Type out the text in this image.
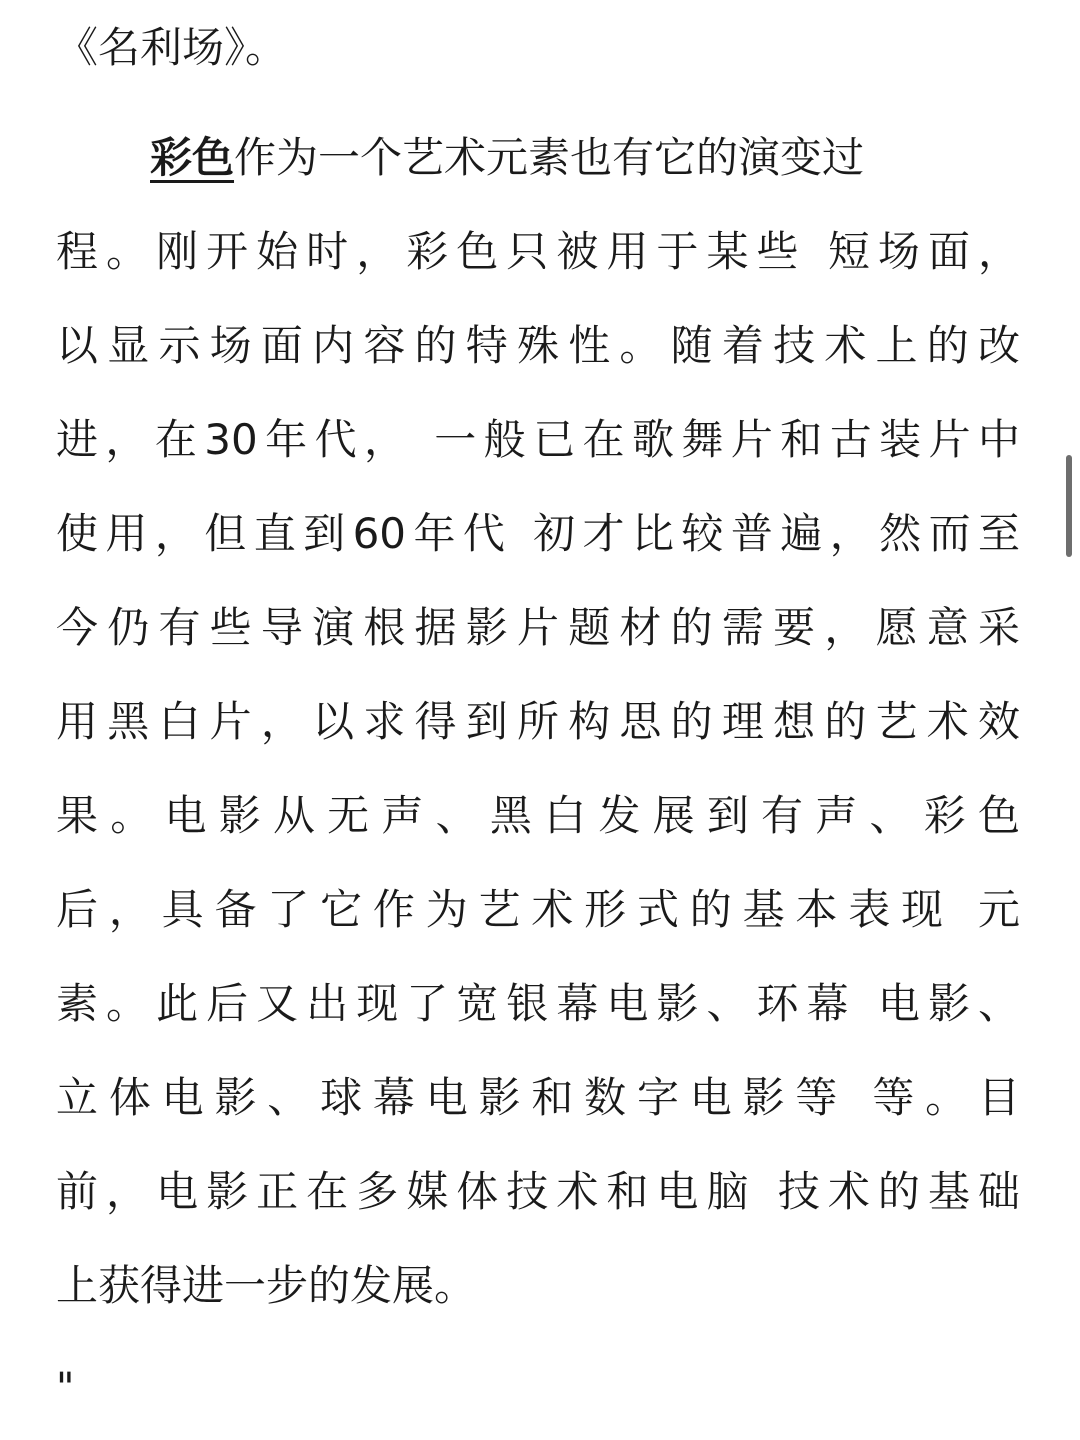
《名利场》。
彩色作为一个艺术元素也有它的演变过
程。刚开始时，彩色只被用于某些 短场面，
以显示场面内容的特殊性。随着技术上的改
进，在30年代， 一般已在歌舞片和古装片中
使用，但直到60年代 初才比较普遍，然而至
今仍有些导演根据影片题材的需要，愿意采
用黑白片，以求得到所构思的理想的艺术效
果。电影从无声、黑白发展到有声、彩色
后，具备了它作为艺术形式的基本表现 元
素。此后又出现了宽银幕电影、环幕 电影、
立体电影、球幕电影和数字电影等 等。目
前，电影正在多媒体技术和电脑 技术的基础
上获得进一步的发展。
"
